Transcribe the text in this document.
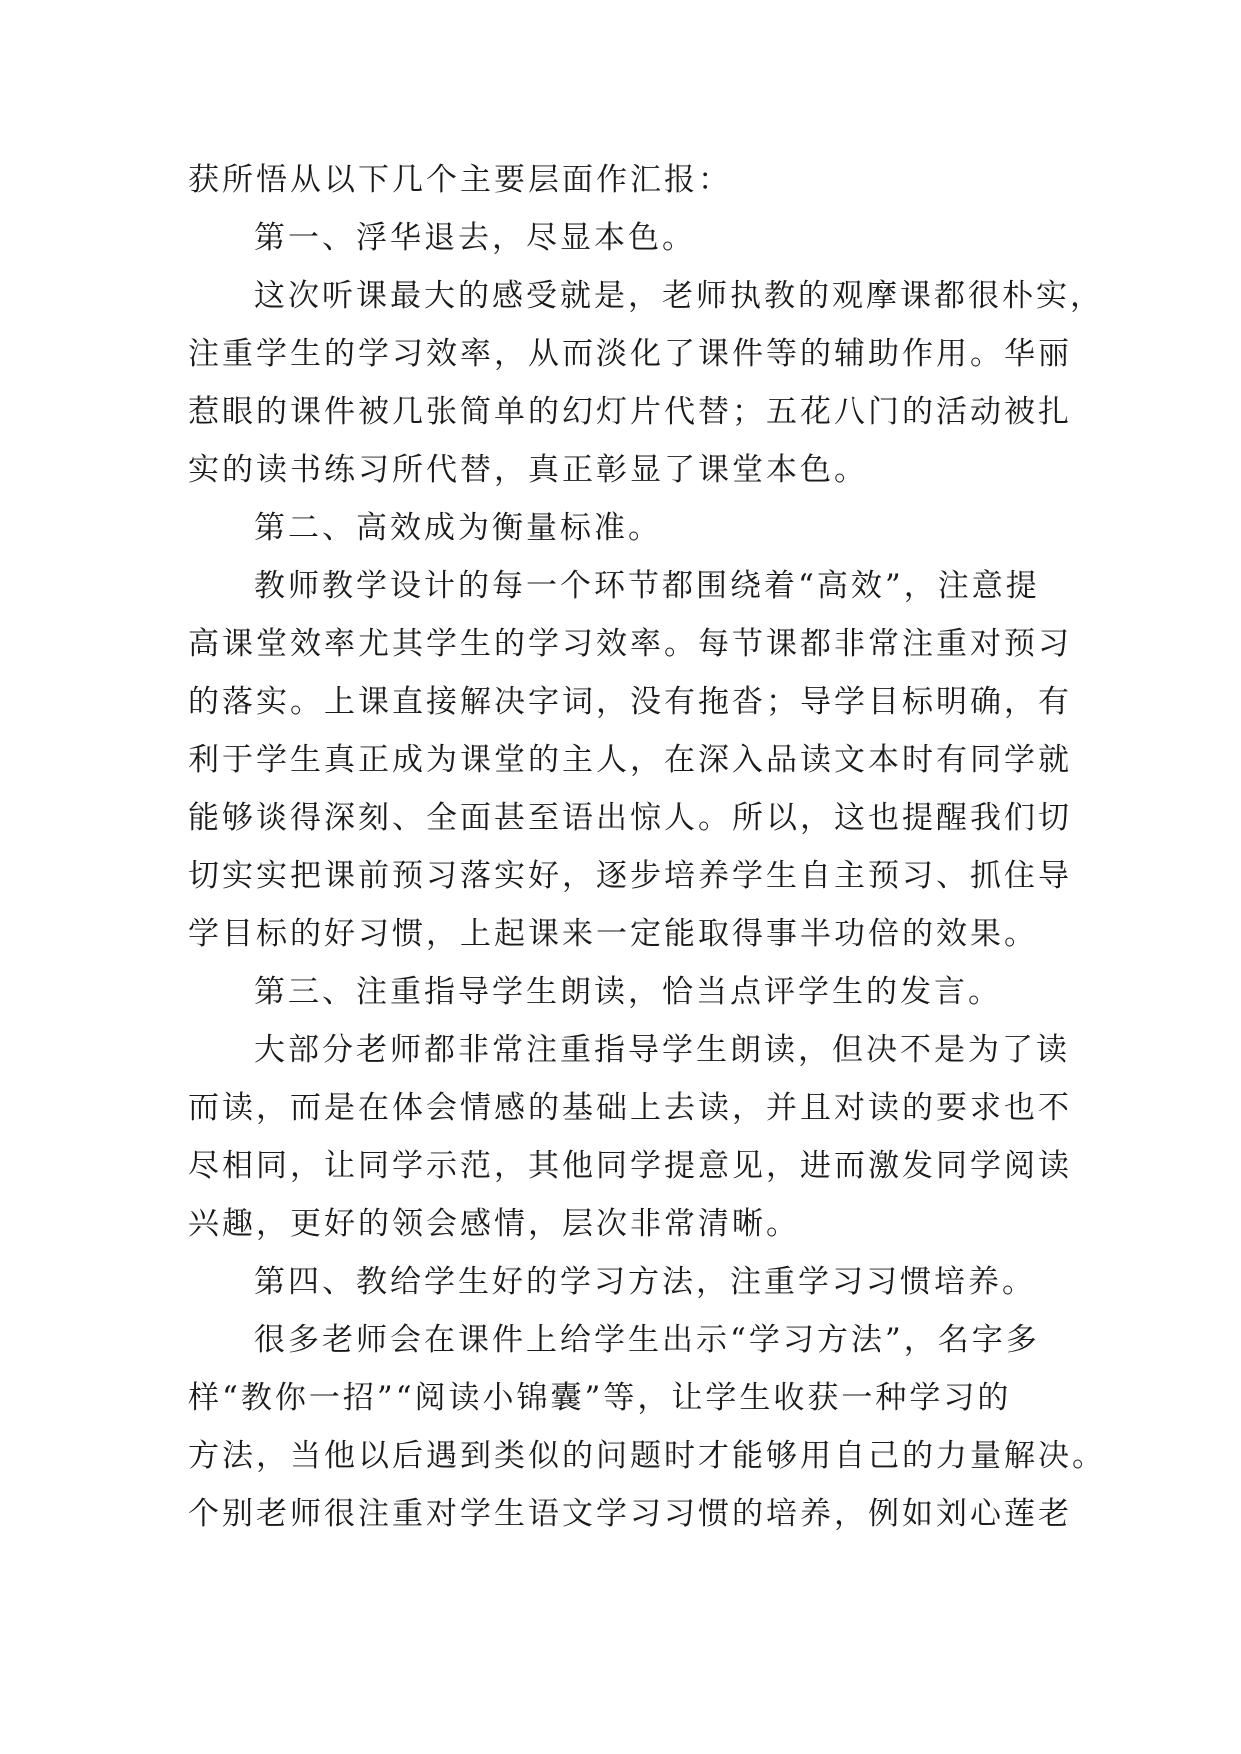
获所悟从以下几个主要层面作汇报：
第一、浮华退去，尽显本色。
这次听课最大的感受就是，老师执教的观摩课都很朴实，
注重学生的学习效率，从而淡化了课件等的辅助作用。华丽
惹眼的课件被几张简单的幻灯片代替；五花八门的活动被扎
实的读书练习所代替，真正彰显了课堂本色。
第二、高效成为衡量标准。
教师教学设计的每一个环节都围绕着“高效”，注意提
高课堂效率尤其学生的学习效率。每节课都非常注重对预习
的落实。上课直接解决字词，没有拖沓；导学目标明确，有
利于学生真正成为课堂的主人，在深入品读文本时有同学就
能够谈得深刻、全面甚至语出惊人。所以，这也提醒我们切
切实实把课前预习落实好，逐步培养学生自主预习、抓住导
学目标的好习惯，上起课来一定能取得事半功倍的效果。
第三、注重指导学生朗读，恰当点评学生的发言。
大部分老师都非常注重指导学生朗读，但决不是为了读
而读，而是在体会情感的基础上去读，并且对读的要求也不
尽相同，让同学示范，其他同学提意见，进而激发同学阅读
兴趣，更好的领会感情，层次非常清晰。
第四、教给学生好的学习方法，注重学习习惯培养。
很多老师会在课件上给学生出示“学习方法”，名字多
样“教你一招”“阅读小锦囊”等，让学生收获一种学习的
方法，当他以后遇到类似的问题时才能够用自己的力量解决。
个别老师很注重对学生语文学习习惯的培养，例如刘心莲老
